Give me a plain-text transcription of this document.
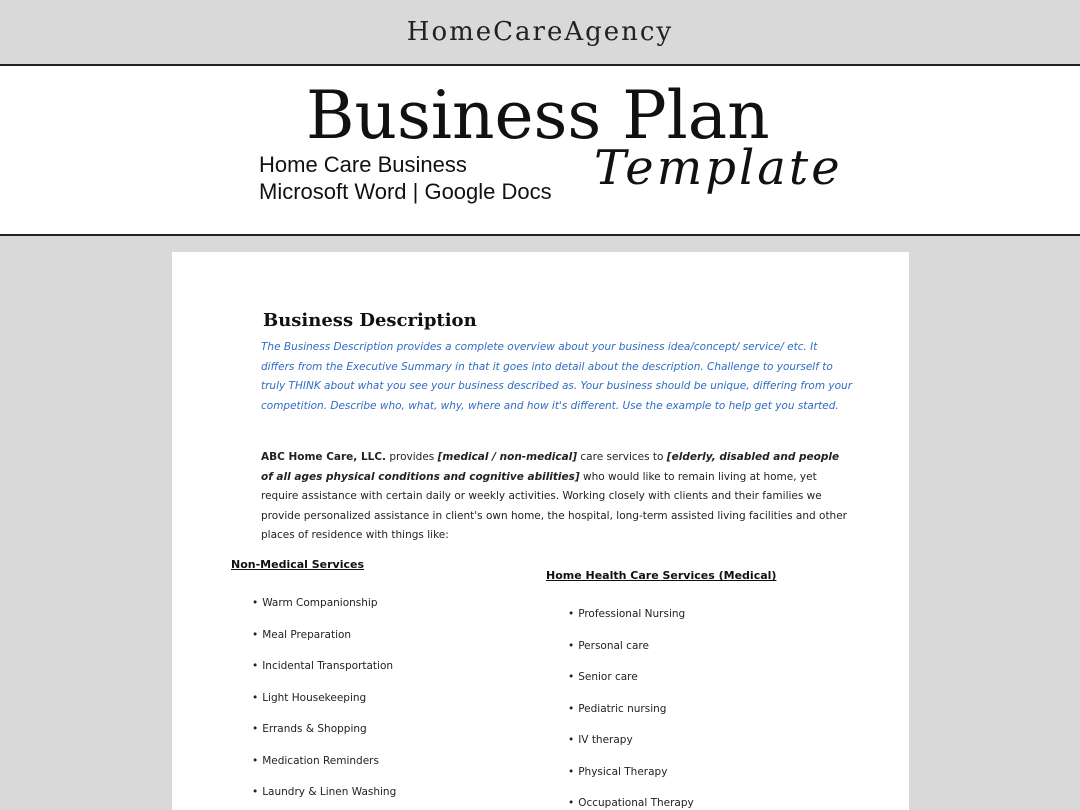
HomeCareAgency
Business Plan
Home Care Business
Microsoft Word | Google Docs Template
Business Description

The Business Description provides a complete overview about your business idea/concept/ service/ etc. It differs from the Executive Summary in that it goes into detail about the description. Challenge to yourself to truly THINK about what you see your business described as. Your business should be unique, differing from your competition. Describe who, what, why, where and how it's different. Use the example to help get you started.

ABC Home Care, LLC. provides [medical / non-medical] care services to [elderly, disabled and people of all ages physical conditions and cognitive abilities] who would like to remain living at home, yet require assistance with certain daily or weekly activities. Working closely with clients and their families we provide personalized assistance in client's own home, the hospital, long-term assisted living facilities and other places of residence with things like:

Non-Medical Services
• Warm Companionship
• Meal Preparation
• Incidental Transportation
• Light Housekeeping
• Errands & Shopping
• Medication Reminders
• Laundry & Linen Washing
Home Health Care Services (Medical)
• Professional Nursing
• Personal care
• Senior care
• Pediatric nursing
• IV therapy
• Physical Therapy
• Occupational Therapy
